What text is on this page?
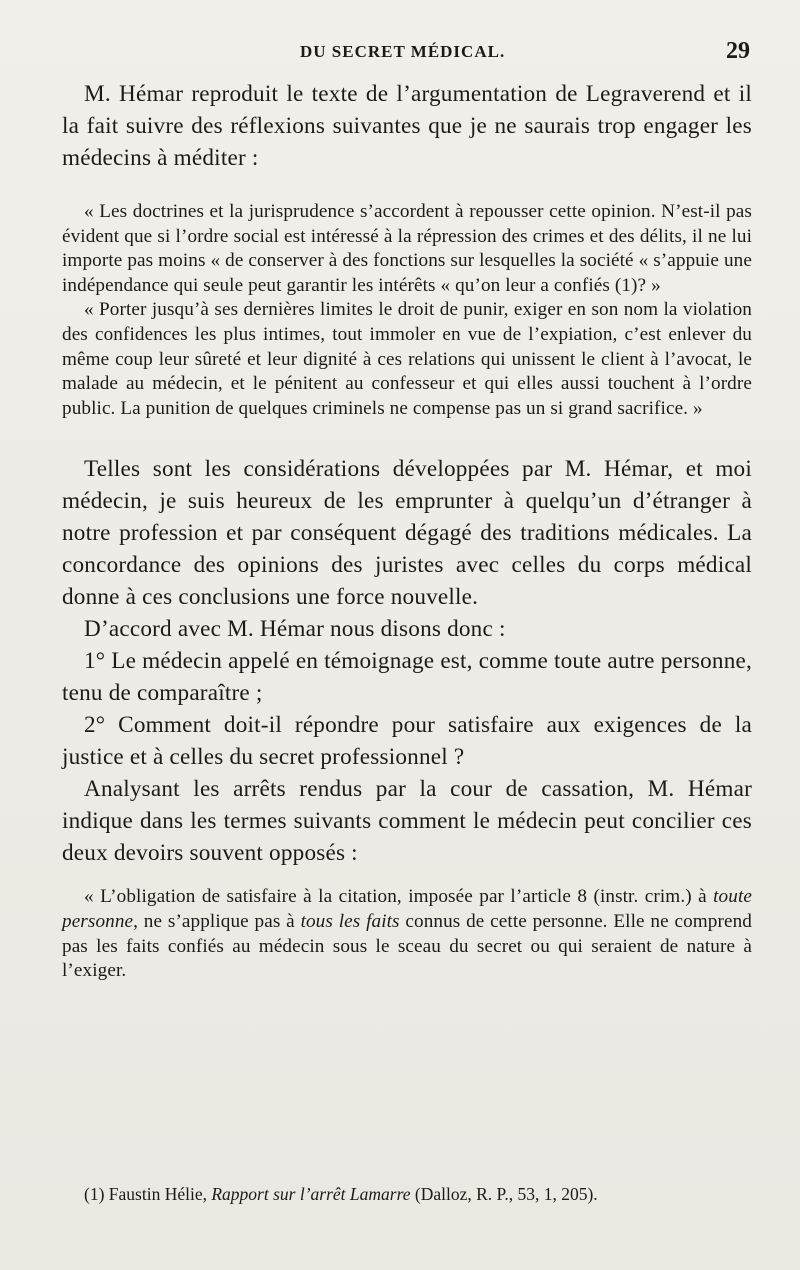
DU SECRET MÉDICAL.	29

M. Hémar reproduit le texte de l’argumentation de Legraverend et il la fait suivre des réflexions suivantes que je ne saurais trop engager les médecins à méditer :

« Les doctrines et la jurisprudence s’accordent à repousser cette opinion. N’est-il pas évident que si l’ordre social est intéressé à la répression des crimes et des délits, il ne lui importe pas moins « de conserver à des fonctions sur lesquelles la société « s’appuie une indépendance qui seule peut garantir les intérêts « qu’on leur a confiés (1)? »

« Porter jusqu’à ses dernières limites le droit de punir, exiger en son nom la violation des confidences les plus intimes, tout immoler en vue de l’expiation, c’est enlever du même coup leur sûreté et leur dignité à ces relations qui unissent le client à l’avocat, le malade au médecin, et le pénitent au confesseur et qui elles aussi touchent à l’ordre public. La punition de quelques criminels ne compense pas un si grand sacrifice. »

Telles sont les considérations développées par M. Hémar, et moi médecin, je suis heureux de les emprunter à quelqu’un d’étranger à notre profession et par conséquent dégagé des traditions médicales. La concordance des opinions des juristes avec celles du corps médical donne à ces conclusions une force nouvelle.

D’accord avec M. Hémar nous disons donc :

1° Le médecin appelé en témoignage est, comme toute autre personne, tenu de comparaître ;

2° Comment doit-il répondre pour satisfaire aux exigences de la justice et à celles du secret professionnel ?

Analysant les arrêts rendus par la cour de cassation, M. Hémar indique dans les termes suivants comment le médecin peut concilier ces deux devoirs souvent opposés :

« L’obligation de satisfaire à la citation, imposée par l’article 8 (instr. crim.) à toute personne, ne s’applique pas à tous les faits connus de cette personne. Elle ne comprend pas les faits confiés au médecin sous le sceau du secret ou qui seraient de nature à l’exiger.

(1) Faustin Hélie, Rapport sur l’arrêt Lamarre (Dalloz, R. P., 53, 1, 205).
